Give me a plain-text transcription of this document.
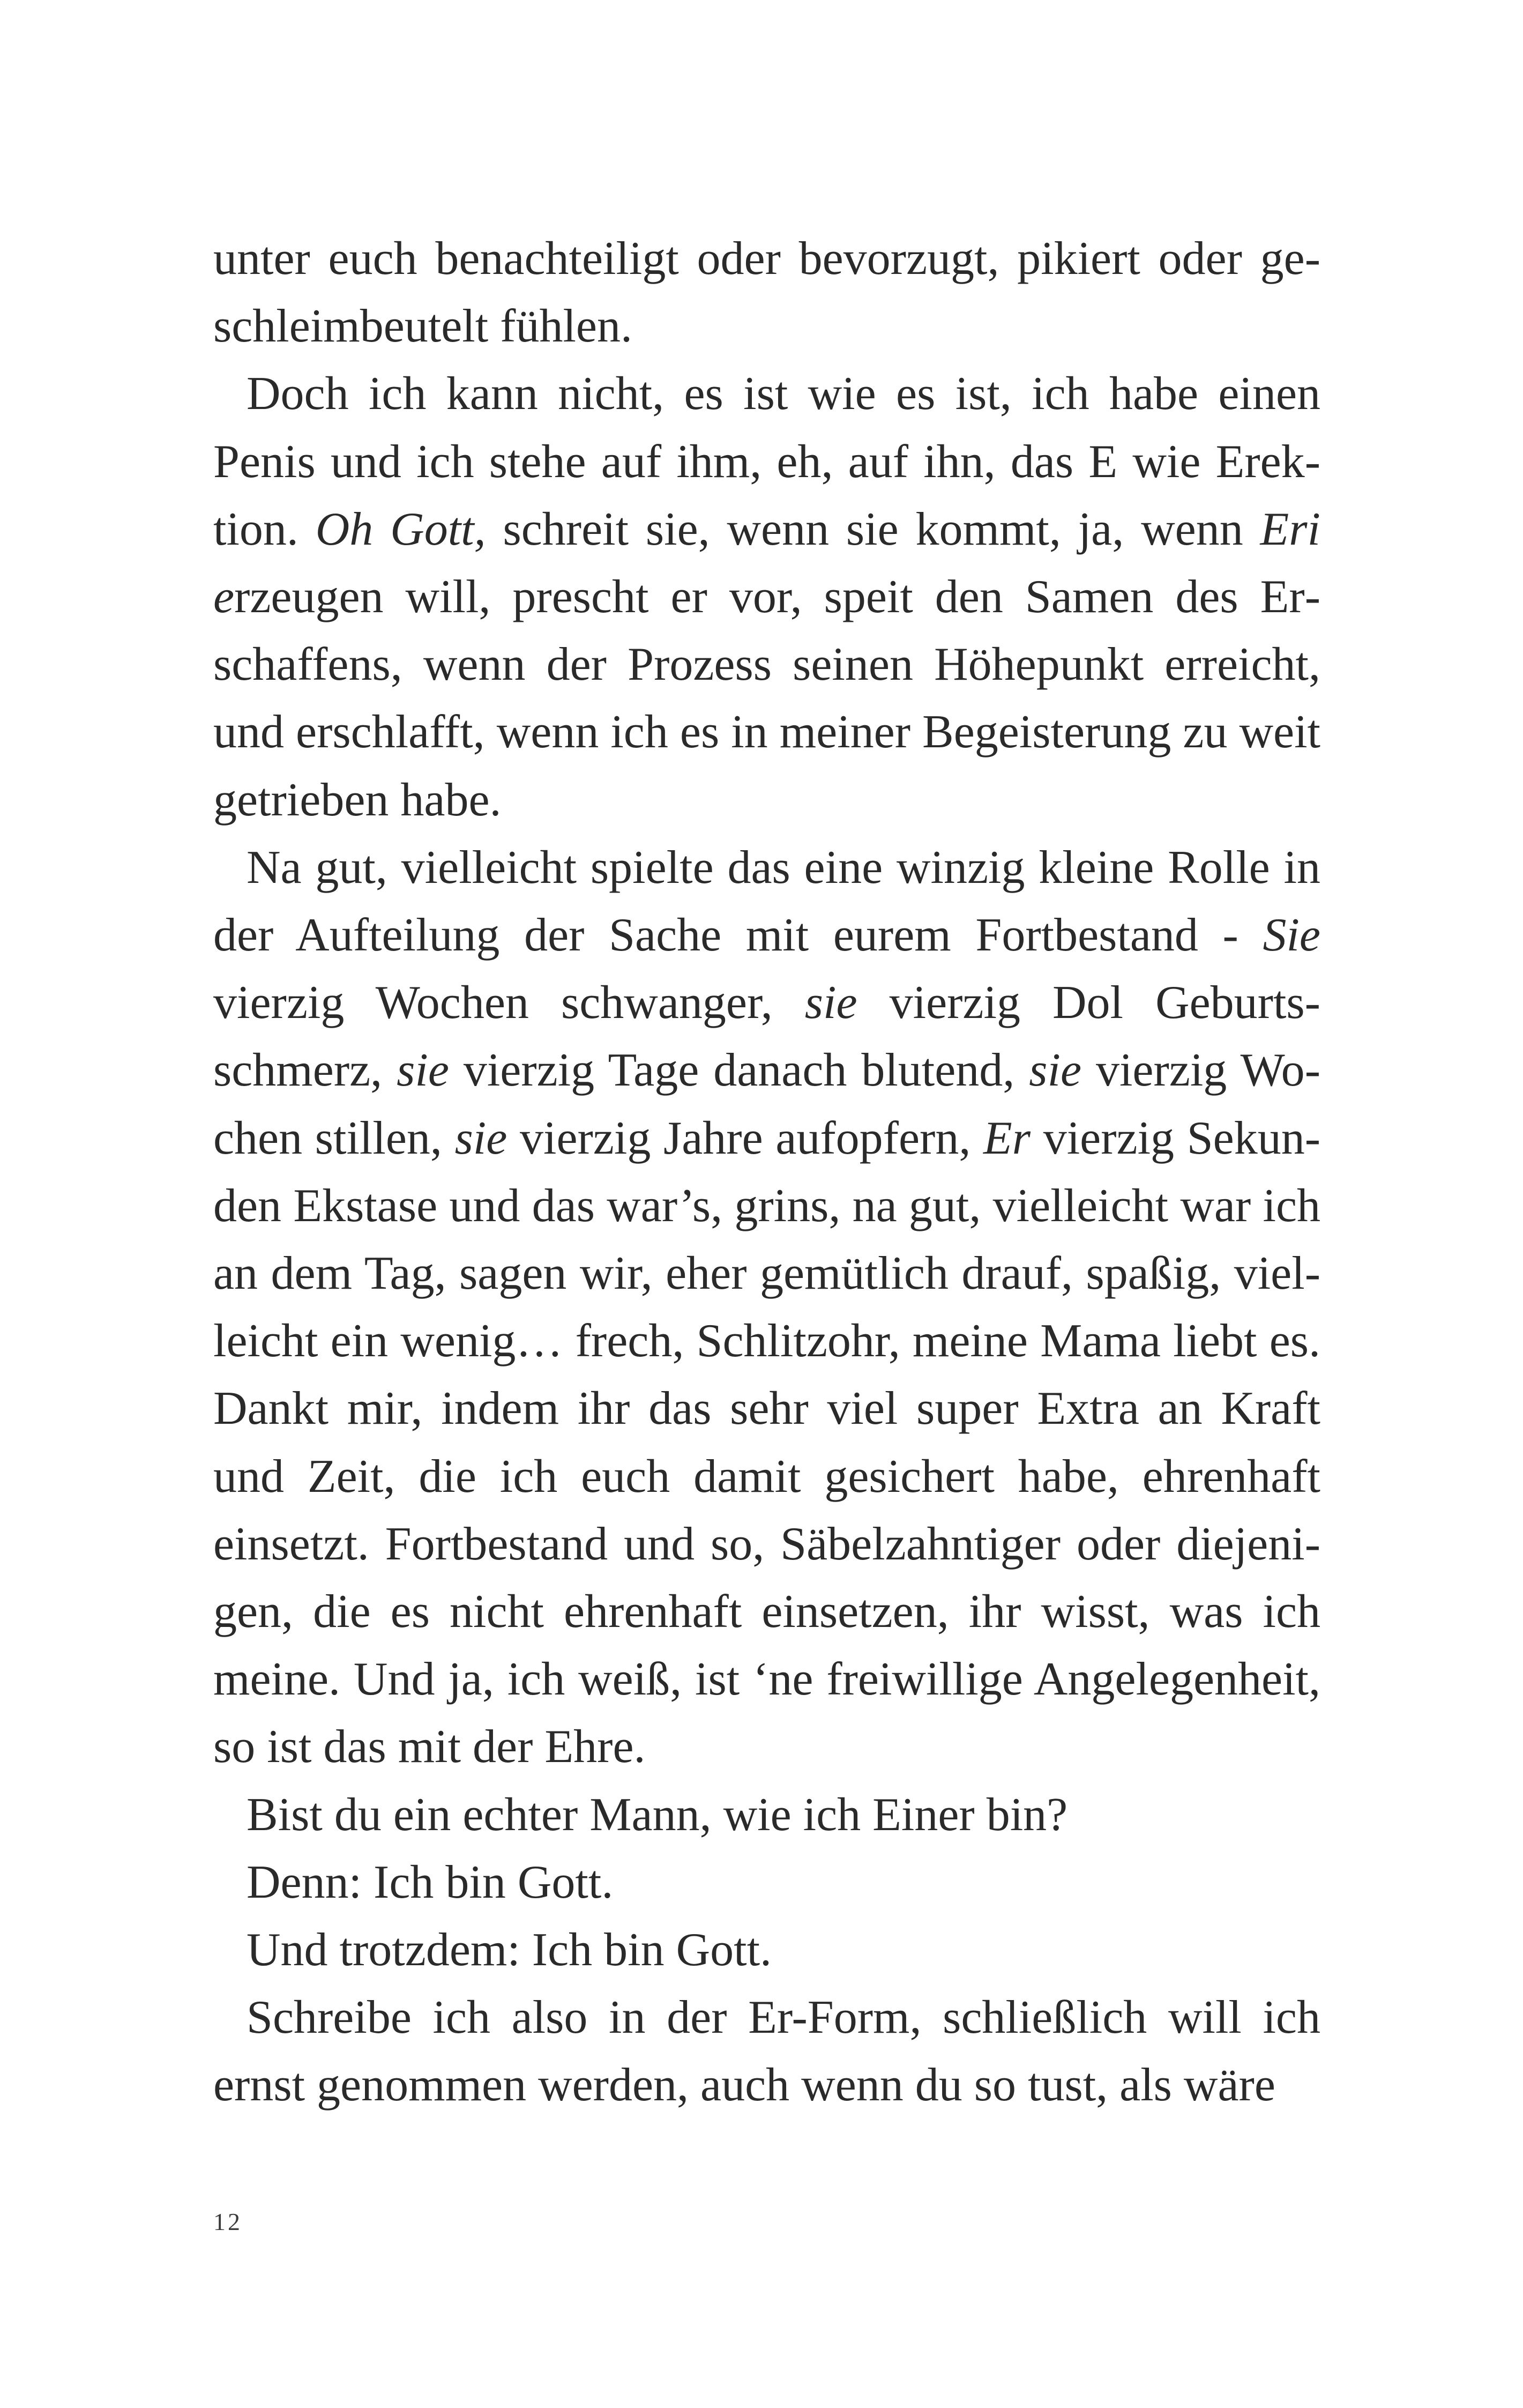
unter euch benachteiligt oder bevorzugt, pikiert oder geschleimbeutelt fühlen.

Doch ich kann nicht, es ist wie es ist, ich habe einen Penis und ich stehe auf ihm, eh, auf ihn, das E wie Erektion. Oh Gott, schreit sie, wenn sie kommt, ja, wenn Eri erzeugen will, prescht er vor, speit den Samen des Erschaffens, wenn der Prozess seinen Höhepunkt erreicht, und erschlafft, wenn ich es in meiner Begeisterung zu weit getrieben habe.

Na gut, vielleicht spielte das eine winzig kleine Rolle in der Aufteilung der Sache mit eurem Fortbestand - Sie vierzig Wochen schwanger, sie vierzig Dol Geburtsschmerz, sie vierzig Tage danach blutend, sie vierzig Wochen stillen, sie vierzig Jahre aufopfern, Er vierzig Sekunden Ekstase und das war’s, grins, na gut, vielleicht war ich an dem Tag, sagen wir, eher gemütlich drauf, spaßig, vielleicht ein wenig… frech, Schlitzohr, meine Mama liebt es. Dankt mir, indem ihr das sehr viel super Extra an Kraft und Zeit, die ich euch damit gesichert habe, ehrenhaft einsetzt. Fortbestand und so, Säbelzahntiger oder diejenigen, die es nicht ehrenhaft einsetzen, ihr wisst, was ich meine. Und ja, ich weiß, ist ‘ne freiwillige Angelegenheit, so ist das mit der Ehre.

Bist du ein echter Mann, wie ich Einer bin?

Denn: Ich bin Gott.

Und trotzdem: Ich bin Gott.

Schreibe ich also in der Er-Form, schließlich will ich ernst genommen werden, auch wenn du so tust, als wäre

12
